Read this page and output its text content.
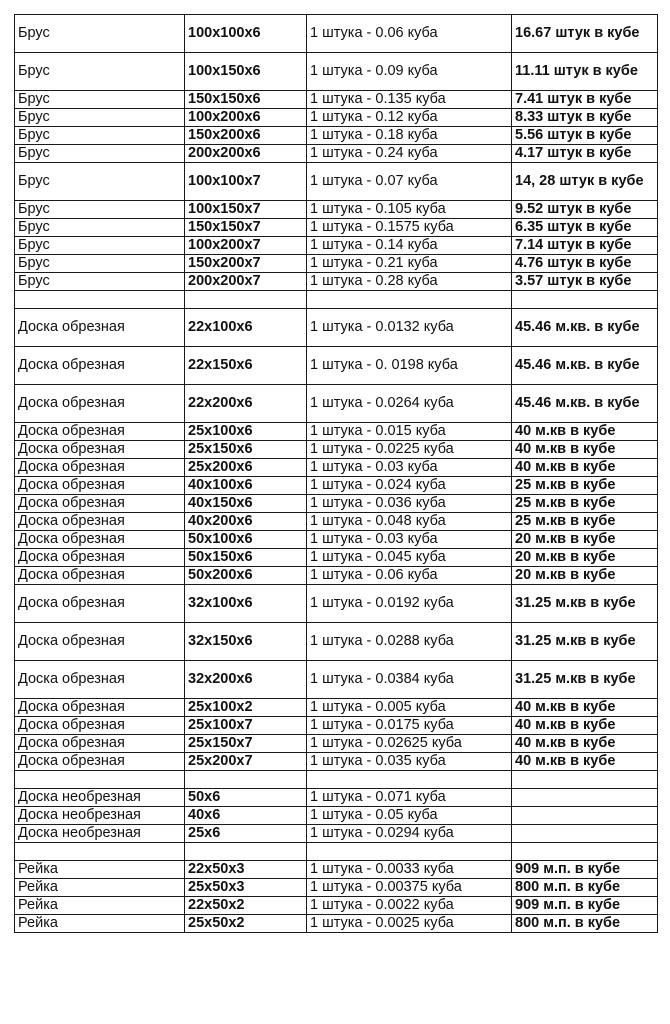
Брус	100x100x6	1 штука - 0.06 куба	16.67 штук в кубе
Брус	100x150x6	1 штука - 0.09 куба	11.11 штук в кубе
Брус	150x150x6	1 штука - 0.135 куба	7.41 штук в кубе
Брус	100x200x6	1 штука - 0.12 куба	8.33 штук в кубе
Брус	150x200x6	1 штука - 0.18 куба	5.56 штук в кубе
Брус	200x200x6	1 штука - 0.24 куба	4.17 штук в кубе
Брус	100x100x7	1 штука - 0.07 куба	14, 28 штук в кубе
Брус	100x150x7	1 штука - 0.105 куба	9.52 штук в кубе
Брус	150x150x7	1 штука - 0.1575 куба	6.35 штук в кубе
Брус	100x200x7	1 штука - 0.14 куба	7.14 штук в кубе
Брус	150x200x7	1 штука - 0.21 куба	4.76 штук в кубе
Брус	200x200x7	1 штука - 0.28 куба	3.57 штук в кубе

Доска обрезная	22x100x6	1 штука - 0.0132 куба	45.46 м.кв. в кубе
Доска обрезная	22x150x6	1 штука - 0. 0198 куба	45.46 м.кв. в кубе
Доска обрезная	22x200x6	1 штука - 0.0264 куба	45.46 м.кв. в кубе
Доска обрезная	25x100x6	1 штука - 0.015 куба	40 м.кв в кубе
Доска обрезная	25x150x6	1 штука - 0.0225 куба	40 м.кв в кубе
Доска обрезная	25x200x6	1 штука - 0.03 куба	40 м.кв в кубе
Доска обрезная	40x100x6	1 штука - 0.024 куба	25 м.кв в кубе
Доска обрезная	40x150x6	1 штука - 0.036 куба	25 м.кв в кубе
Доска обрезная	40x200x6	1 штука - 0.048 куба	25 м.кв в кубе
Доска обрезная	50x100x6	1 штука - 0.03 куба	20 м.кв в кубе
Доска обрезная	50x150x6	1 штука - 0.045 куба	20 м.кв в кубе
Доска обрезная	50x200x6	1 штука - 0.06 куба	20 м.кв в кубе
Доска обрезная	32x100x6	1 штука - 0.0192 куба	31.25 м.кв в кубе
Доска обрезная	32x150x6	1 штука - 0.0288 куба	31.25 м.кв в кубе
Доска обрезная	32x200x6	1 штука - 0.0384 куба	31.25 м.кв в кубе
Доска обрезная	25x100x2	1 штука - 0.005 куба	40 м.кв в кубе
Доска обрезная	25x100x7	1 штука - 0.0175 куба	40 м.кв в кубе
Доска обрезная	25x150x7	1 штука - 0.02625 куба	40 м.кв в кубе
Доска обрезная	25x200x7	1 штука - 0.035 куба	40 м.кв в кубе

Доска необрезная	50x6	1 штука - 0.071 куба	
Доска необрезная	40x6	1 штука - 0.05 куба	
Доска необрезная	25x6	1 штука - 0.0294 куба	

Рейка	22x50x3	1 штука - 0.0033 куба	909 м.п. в кубе
Рейка	25x50x3	1 штука - 0.00375 куба	800 м.п. в кубе
Рейка	22x50x2	1 штука - 0.0022 куба	909 м.п. в кубе
Рейка	25x50x2	1 штука - 0.0025 куба	800 м.п. в кубе
